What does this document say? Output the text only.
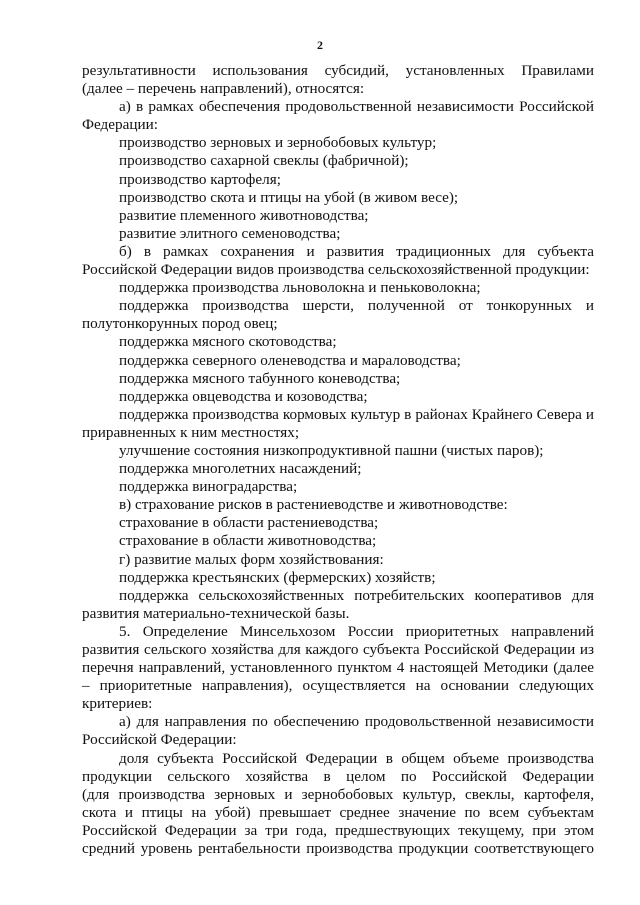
2

результативности использования субсидий, установленных Правилами

(далее – перечень направлений), относятся:

а) в рамках обеспечения продовольственной независимости Российской Федерации:

производство зерновых и зернобобовых культур;

производство сахарной свеклы (фабричной);

производство картофеля;

производство скота и птицы на убой (в живом весе);

развитие племенного животноводства;

развитие элитного семеноводства;

б) в рамках сохранения и развития традиционных для субъекта Российской Федерации видов производства сельскохозяйственной продукции:

поддержка производства льноволокна и пеньковолокна;

поддержка производства шерсти, полученной от тонкорунных и полутонкорунных пород овец;

поддержка мясного скотоводства;

поддержка северного оленеводства и мараловодства;

поддержка мясного табунного коневодства;

поддержка овцеводства и козоводства;

поддержка производства кормовых культур в районах Крайнего Севера и приравненных к ним местностях;

улучшение состояния низкопродуктивной пашни (чистых паров);

поддержка многолетних насаждений;

поддержка виноградарства;

в) страхование рисков в растениеводстве и животноводстве:

страхование в области растениеводства;

страхование в области животноводства;

г) развитие малых форм хозяйствования:

поддержка крестьянских (фермерских) хозяйств;

поддержка сельскохозяйственных потребительских кооперативов для развития материально-технической базы.

5. Определение Минсельхозом России приоритетных направлений развития сельского хозяйства для каждого субъекта Российской Федерации из перечня направлений, установленного пунктом 4 настоящей Методики (далее – приоритетные направления), осуществляется на основании следующих критериев:

а) для направления по обеспечению продовольственной независимости Российской Федерации:

доля субъекта Российской Федерации в общем объеме производства

продукции сельского хозяйства в целом по Российской Федерации

(для производства зерновых и зернобобовых культур, свеклы, картофеля,

скота и птицы на убой) превышает среднее значение по всем субъектам

Российской Федерации за три года, предшествующих текущему, при этом

средний уровень рентабельности производства продукции соответствующего
